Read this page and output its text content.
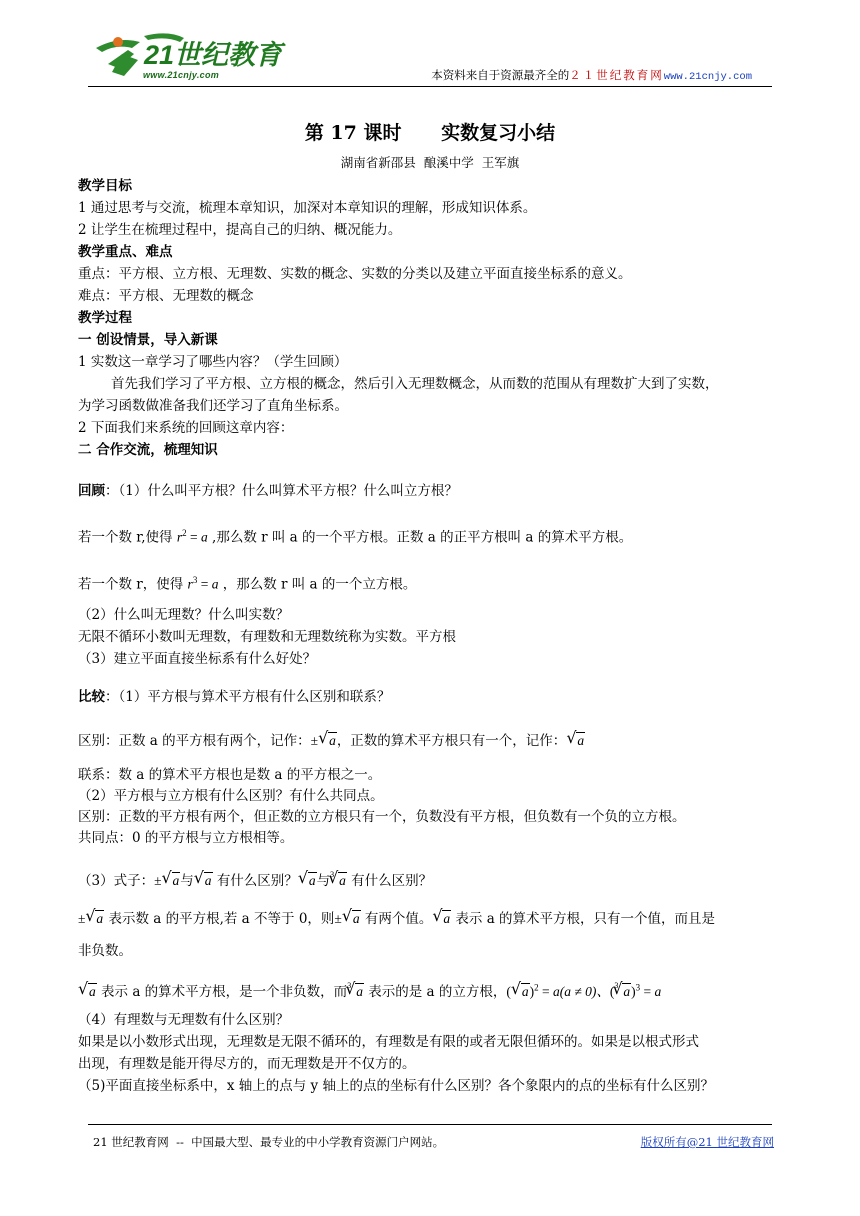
21世纪教育
www.21cnjy.com	本资料来自于资源最齐全的２１世纪教育网www.21cnjy.com
第 17 课时      实数复习小结
湖南省新邵县  酿溪中学  王军旗
教学目标
1 通过思考与交流，梳理本章知识，加深对本章知识的理解，形成知识体系。
2 让学生在梳理过程中，提高自己的归纳、概况能力。
教学重点、难点
重点：平方根、立方根、无理数、实数的概念、实数的分类以及建立平面直接坐标系的意义。
难点：平方根、无理数的概念
教学过程
一 创设情景，导入新课
1 实数这一章学习了哪些内容？（学生回顾）
首先我们学习了平方根、立方根的概念，然后引入无理数概念，从而数的范围从有理数扩大到了实数，
为学习函数做准备我们还学习了直角坐标系。
2 下面我们来系统的回顾这章内容：
二 合作交流，梳理知识
回顾：（1）什么叫平方根？什么叫算术平方根？什么叫立方根？
若一个数 r,使得 $r^2 = a$ ,那么数 r 叫 a 的一个平方根。正数 a 的正平方根叫 a 的算术平方根。
若一个数 r，使得 $r^3 = a$ ，那么数 r 叫 a 的一个立方根。
（2）什么叫无理数？什么叫实数？
无限不循环小数叫无理数，有理数和无理数统称为实数。平方根
（3）建立平面直接坐标系有什么好处？
比较：（1）平方根与算术平方根有什么区别和联系？
区别：正数 a 的平方根有两个，记作：± √ a，正数的算术平方根只有一个，记作： √ a
联系：数 a 的算术平方根也是数 a 的平方根之一。
（2）平方根与立方根有什么区别？有什么共同点。
区别：正数的平方根有两个，但正数的立方根只有一个，负数没有平方根，但负数有一个负的立方根。
共同点：0 的平方根与立方根相等。
（3）式子：± √ a与 √ a 有什么区别？ √ a与$^3$ √ a 有什么区别？
± √ a 表示数 a 的平方根,若 a 不等于 0，则± √ a 有两个值。 √ a 表示 a 的算术平方根，只有一个值，而且是
非负数。
√ a 表示 a 的算术平方根，是一个非负数，而$^3$ √ a 表示的是 a 的立方根，( √ a)$^2$ = a(a ≠ 0)、($^3$ √ a)$^3$ = a
（4）有理数与无理数有什么区别？
如果是以小数形式出现，无理数是无限不循环的，有理数是有限的或者无限但循环的。如果是以根式形式
出现，有理数是能开得尽方的，而无理数是开不仅方的。
（5)平面直接坐标系中，x 轴上的点与 y 轴上的点的坐标有什么区别？各个象限内的点的坐标有什么区别？
21 世纪教育网  --  中国最大型、最专业的中小学教育资源门户网站。	版权所有@21 世纪教育网
